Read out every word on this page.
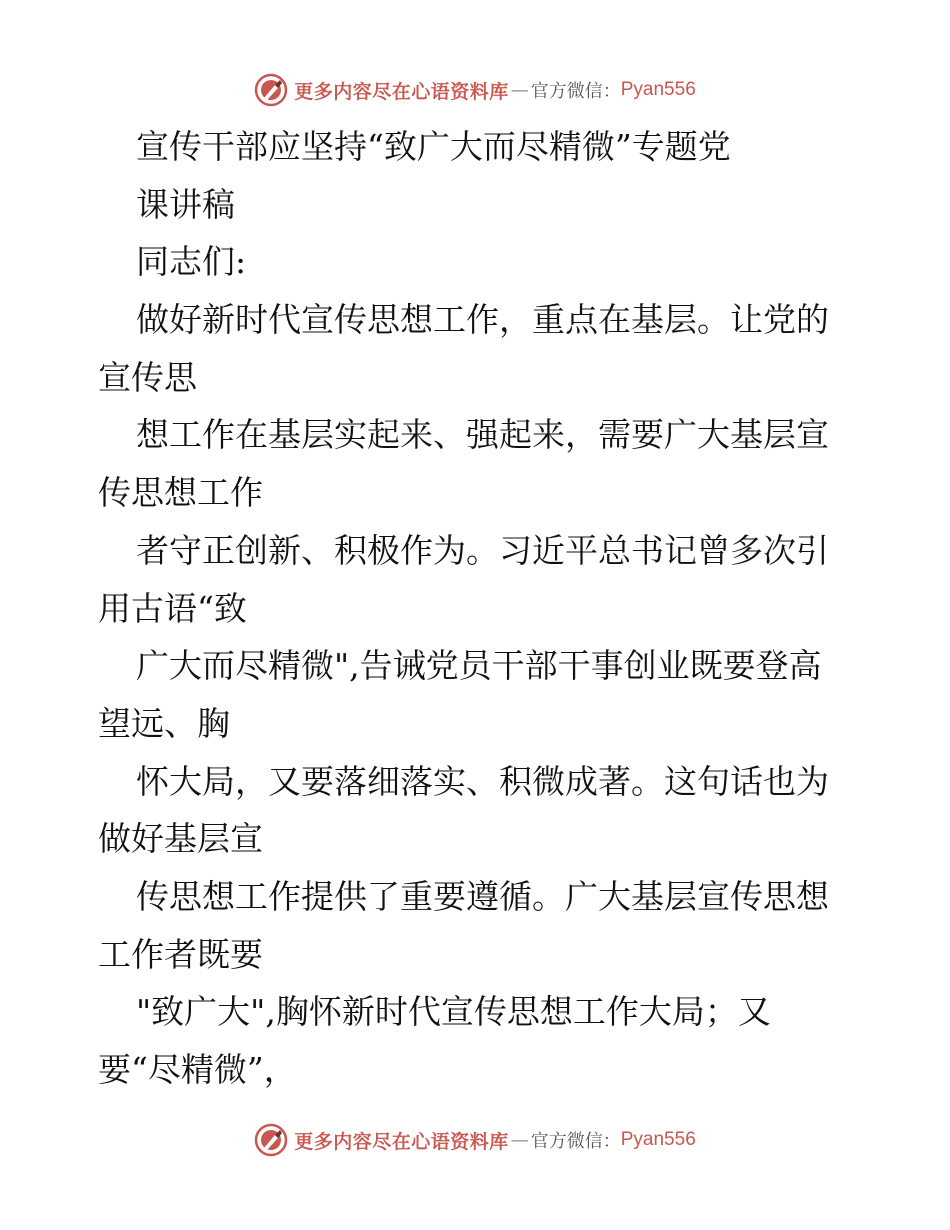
更多内容尽在心语资料库 — 官方微信： Pyan556
宣传干部应坚持“致广大而尽精微”专题党
课讲稿
同志们:
做好新时代宣传思想工作，重点在基层。让党的
宣传思
想工作在基层实起来、强起来，需要广大基层宣
传思想工作
者守正创新、积极作为。习近平总书记曾多次引
用古语“致
广大而尽精微",告诫党员干部干事创业既要登高
望远、胸
怀大局，又要落细落实、积微成著。这句话也为
做好基层宣
传思想工作提供了重要遵循。广大基层宣传思想
工作者既要
"致广大",胸怀新时代宣传思想工作大局；又
要“尽精微”，
更多内容尽在心语资料库 — 官方微信： Pyan556
